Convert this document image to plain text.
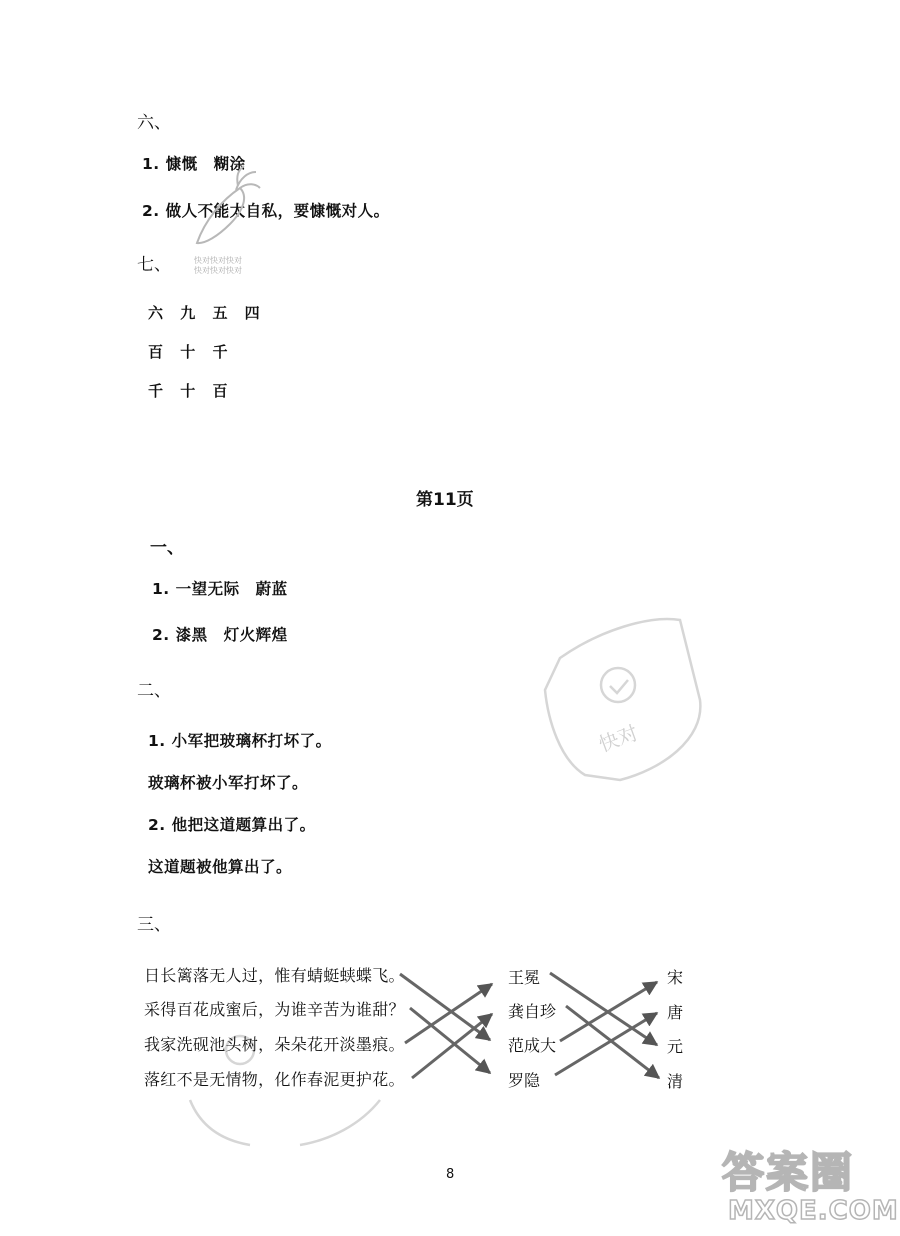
六、
1. 慷慨　糊涂
2. 做人不能太自私，要慷慨对人。
快对快对快对
快对快对快对
七、
六 九 五 四
百 十 千
千 十 百
第11页
一、
1. 一望无际　蔚蓝
2. 漆黑　灯火辉煌
二、
1. 小军把玻璃杯打坏了。
玻璃杯被小军打坏了。
2. 他把这道题算出了。
这道题被他算出了。
快对
三、
日长篱落无人过，惟有蜻蜓蛱蝶飞。
采得百花成蜜后，为谁辛苦为谁甜？
我家洗砚池头树，朵朵花开淡墨痕。
落红不是无情物，化作春泥更护花。
王冕
龚自珍
范成大
罗隐
宋
唐
元
清
8	答案圈
MXQE.COM
